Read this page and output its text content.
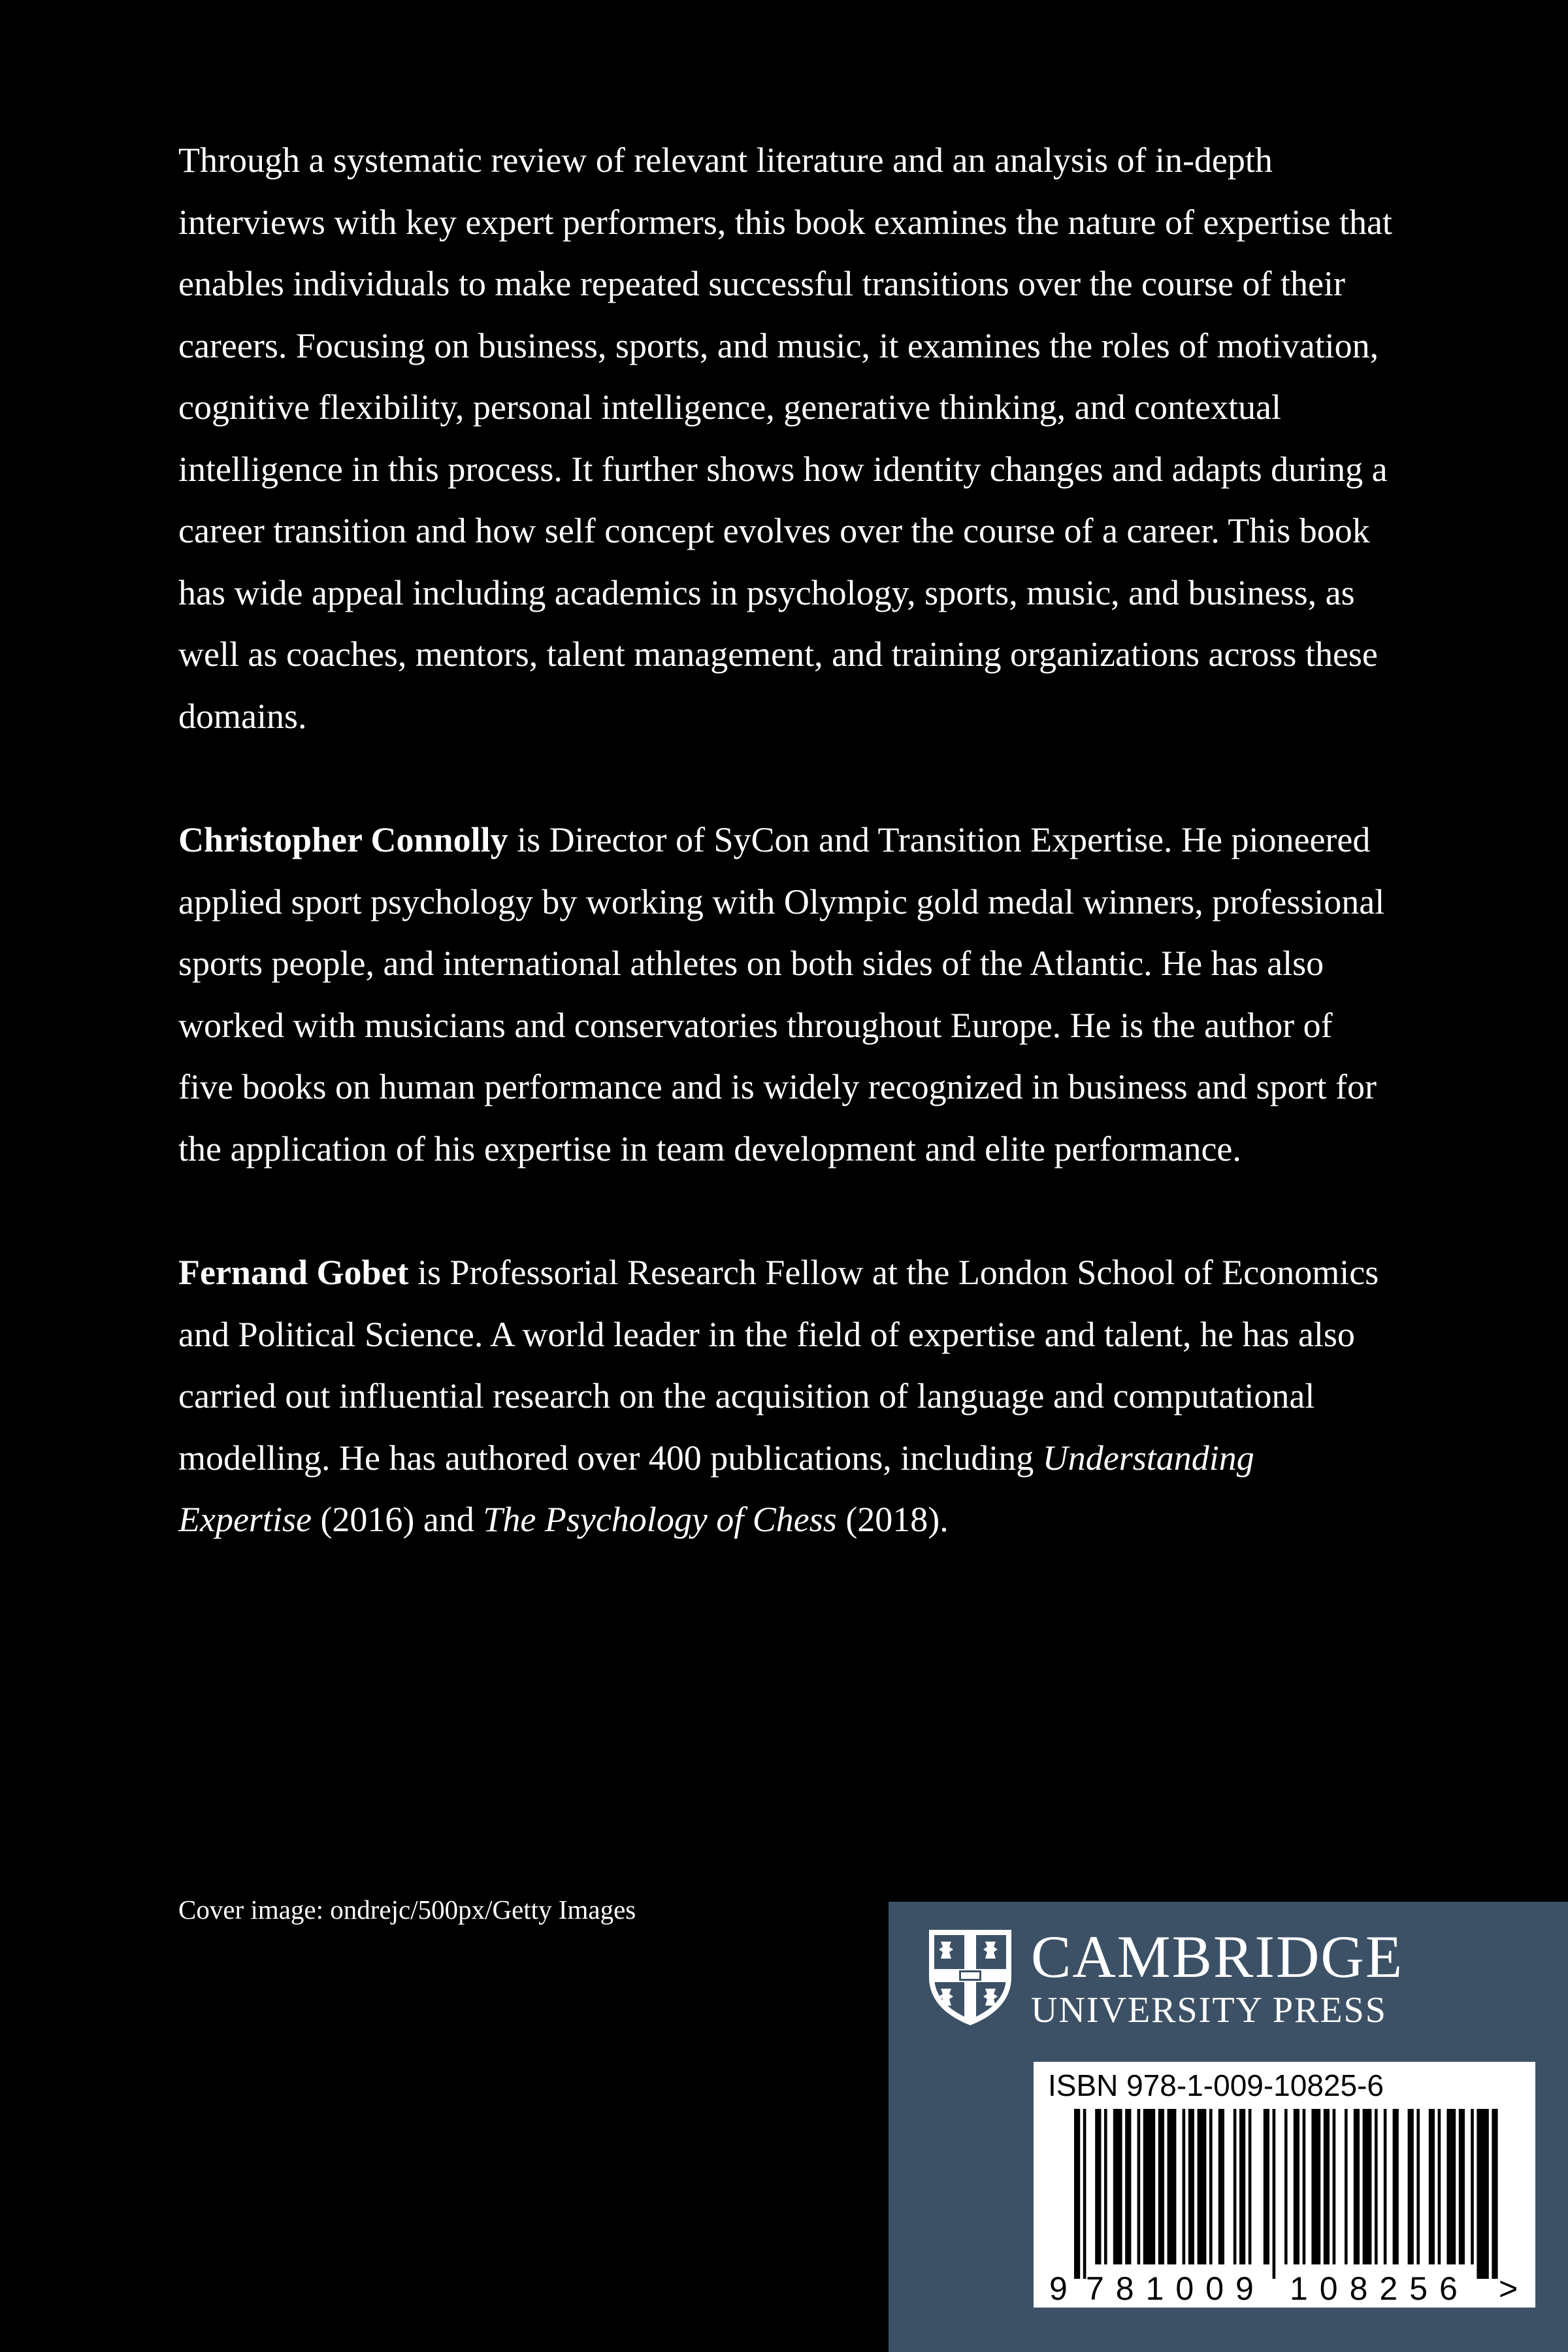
Through a systematic review of relevant literature and an analysis of in-depth interviews with key expert performers, this book examines the nature of expertise that enables individuals to make repeated successful transitions over the course of their careers. Focusing on business, sports, and music, it examines the roles of motivation, cognitive flexibility, personal intelligence, generative thinking, and contextual intelligence in this process. It further shows how identity changes and adapts during a career transition and how self concept evolves over the course of a career. This book has wide appeal including academics in psychology, sports, music, and business, as well as coaches, mentors, talent management, and training organizations across these domains.

Christopher Connolly is Director of SyCon and Transition Expertise. He pioneered applied sport psychology by working with Olympic gold medal winners, professional sports people, and international athletes on both sides of the Atlantic. He has also worked with musicians and conservatories throughout Europe. He is the author of five books on human performance and is widely recognized in business and sport for the application of his expertise in team development and elite performance.

Fernand Gobet is Professorial Research Fellow at the London School of Economics and Political Science. A world leader in the field of expertise and talent, he has also carried out influential research on the acquisition of language and computational modelling. He has authored over 400 publications, including Understanding Expertise (2016) and The Psychology of Chess (2018).

Cover image: ondrejc/500px/Getty Images
CAMBRIDGE
UNIVERSITY PRESS
ISBN 978-1-009-10825-6
9 781009 108256 >
